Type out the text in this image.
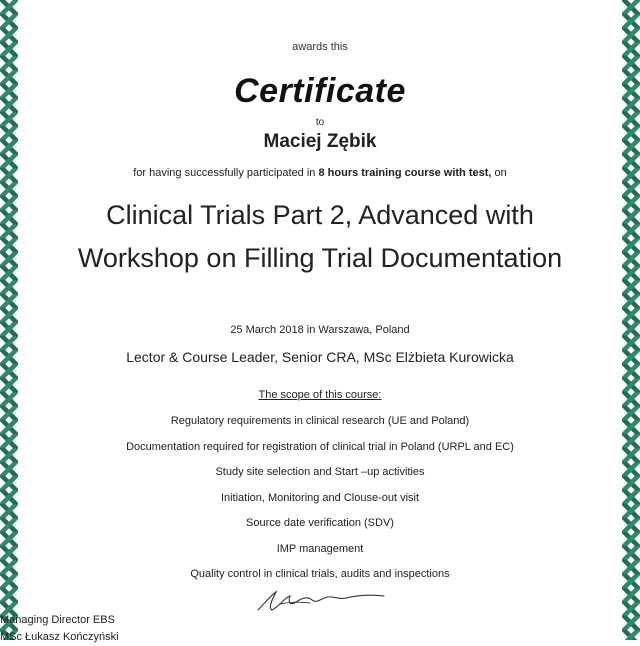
awards this
Certificate
to
Maciej Zębik
for having successfully participated in 8 hours training course with test, on
Clinical Trials Part 2, Advanced with Workshop on Filling Trial Documentation
25 March 2018 in Warszawa, Poland
Lector & Course Leader, Senior CRA, MSc Elżbieta Kurowicka
The scope of this course:
Regulatory requirements in clinical research (UE and Poland)
Documentation required for registration of clinical trial in Poland (URPL and EC)
Study site selection and Start –up activities
Initiation, Monitoring and Clouse-out visit
Source date verification (SDV)
IMP management
Quality control in clinical trials, audits and inspections
Managing Director EBS
MSc Łukasz Kończyński
